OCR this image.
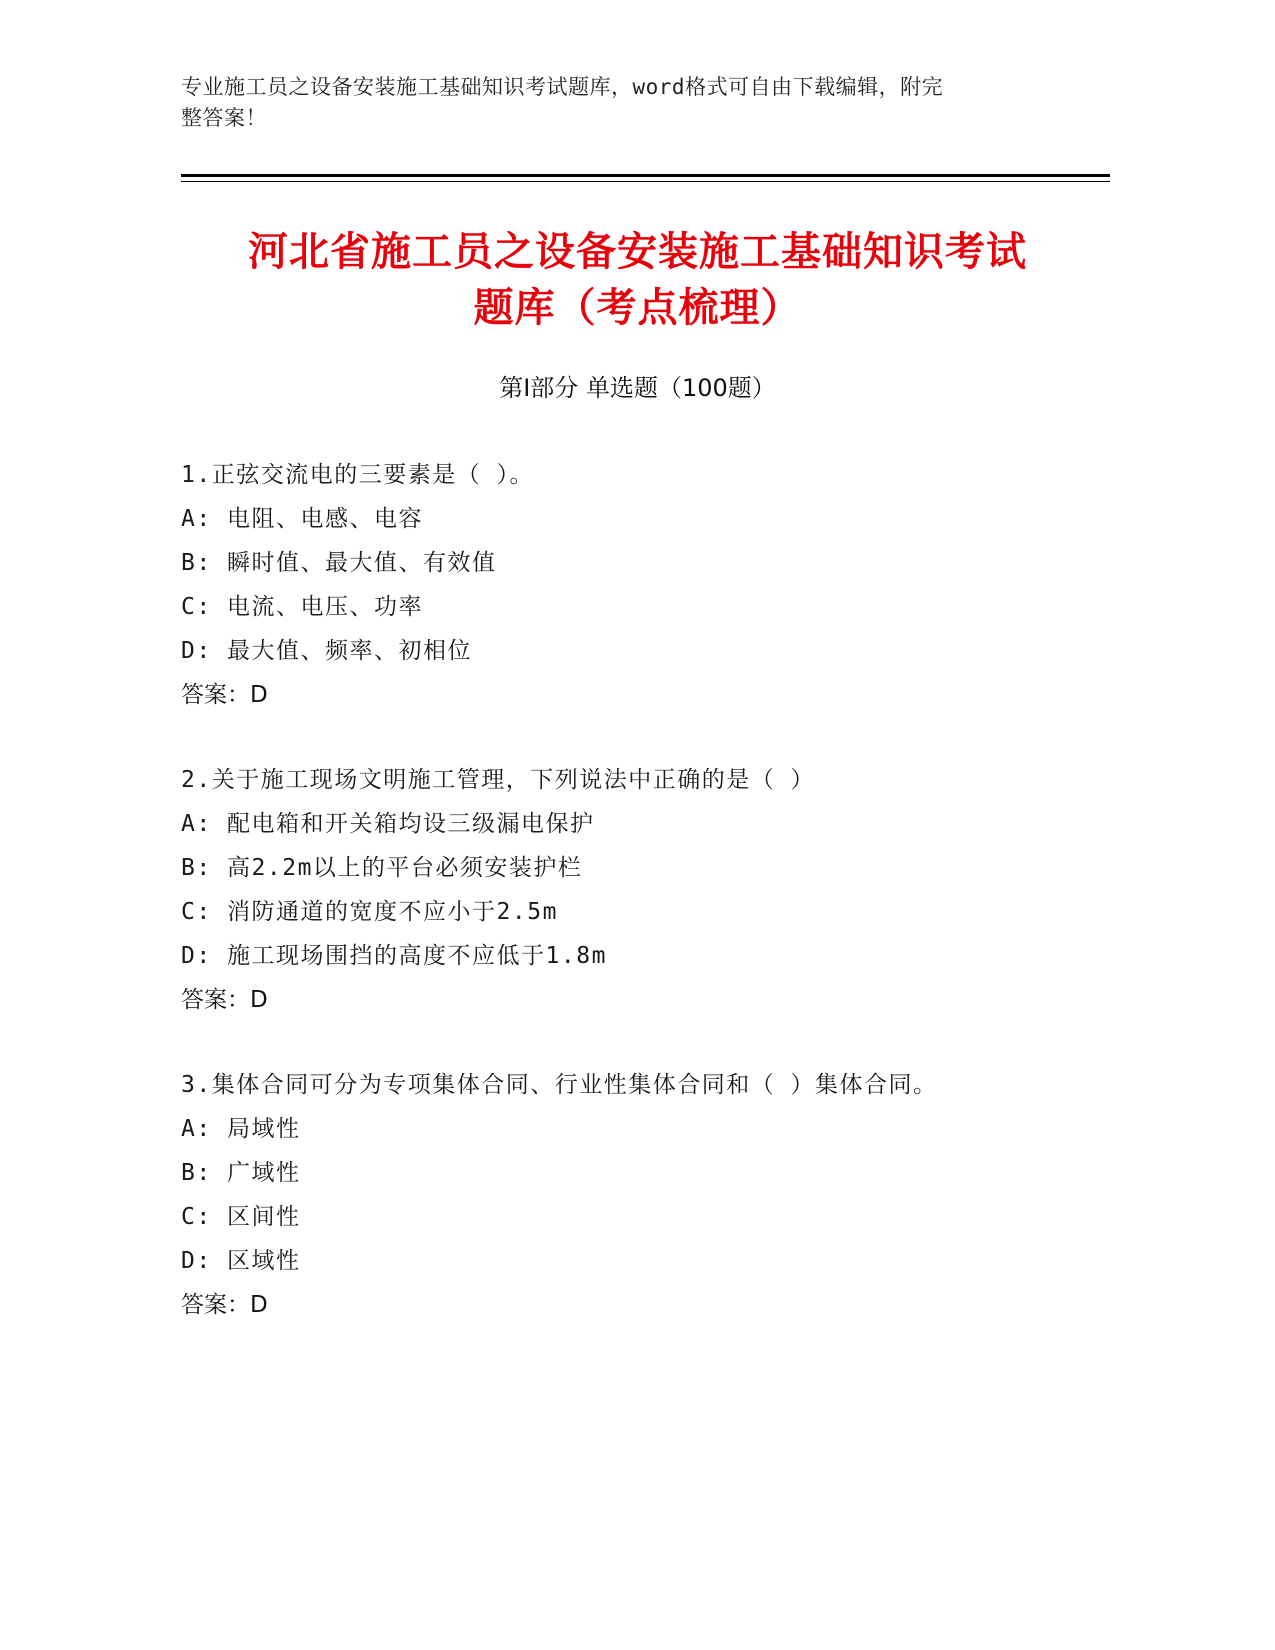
专业施工员之设备安装施工基础知识考试题库，word格式可自由下载编辑，附完
整答案！
河北省施工员之设备安装施工基础知识考试
题库（考点梳理）
第Ⅰ部分 单选题（100题）
1.正弦交流电的三要素是（ ）。
A: 电阻、电感、电容
B: 瞬时值、最大值、有效值
C: 电流、电压、功率
D: 最大值、频率、初相位
答案：D
2.关于施工现场文明施工管理，下列说法中正确的是（ ）
A: 配电箱和开关箱均设三级漏电保护
B: 高2.2m以上的平台必须安装护栏
C: 消防通道的宽度不应小于2.5m
D: 施工现场围挡的高度不应低于1.8m
答案：D
3.集体合同可分为专项集体合同、行业性集体合同和（ ）集体合同。
A: 局域性
B: 广域性
C: 区间性
D: 区域性
答案：D
